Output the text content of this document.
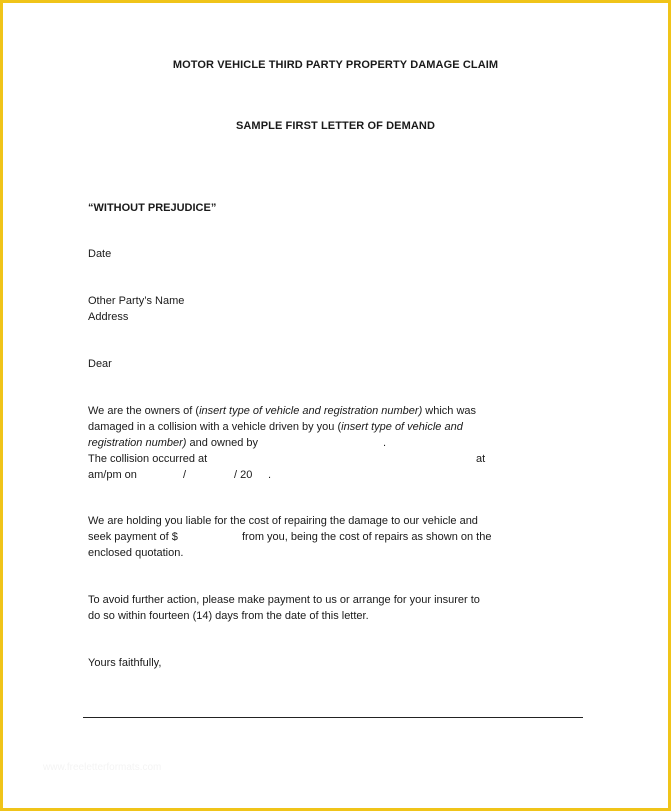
MOTOR VEHICLE THIRD PARTY PROPERTY DAMAGE CLAIM
SAMPLE FIRST LETTER OF DEMAND
“WITHOUT PREJUDICE”
Date
Other Party’s Name
Address
Dear
We are the owners of (insert type of vehicle and registration number) which was
damaged in a collision with a vehicle driven by you (insert type of vehicle and
registration number) and owned by	.
The collision occurred at	at
am/pm on	/	/ 20 .
We are holding you liable for the cost of repairing the damage to our vehicle and
seek payment of $	from you, being the cost of repairs as shown on the
enclosed quotation.
To avoid further action, please make payment to us or arrange for your insurer to
do so within fourteen (14) days from the date of this letter.
Yours faithfully,
www.freeletterformats.com
